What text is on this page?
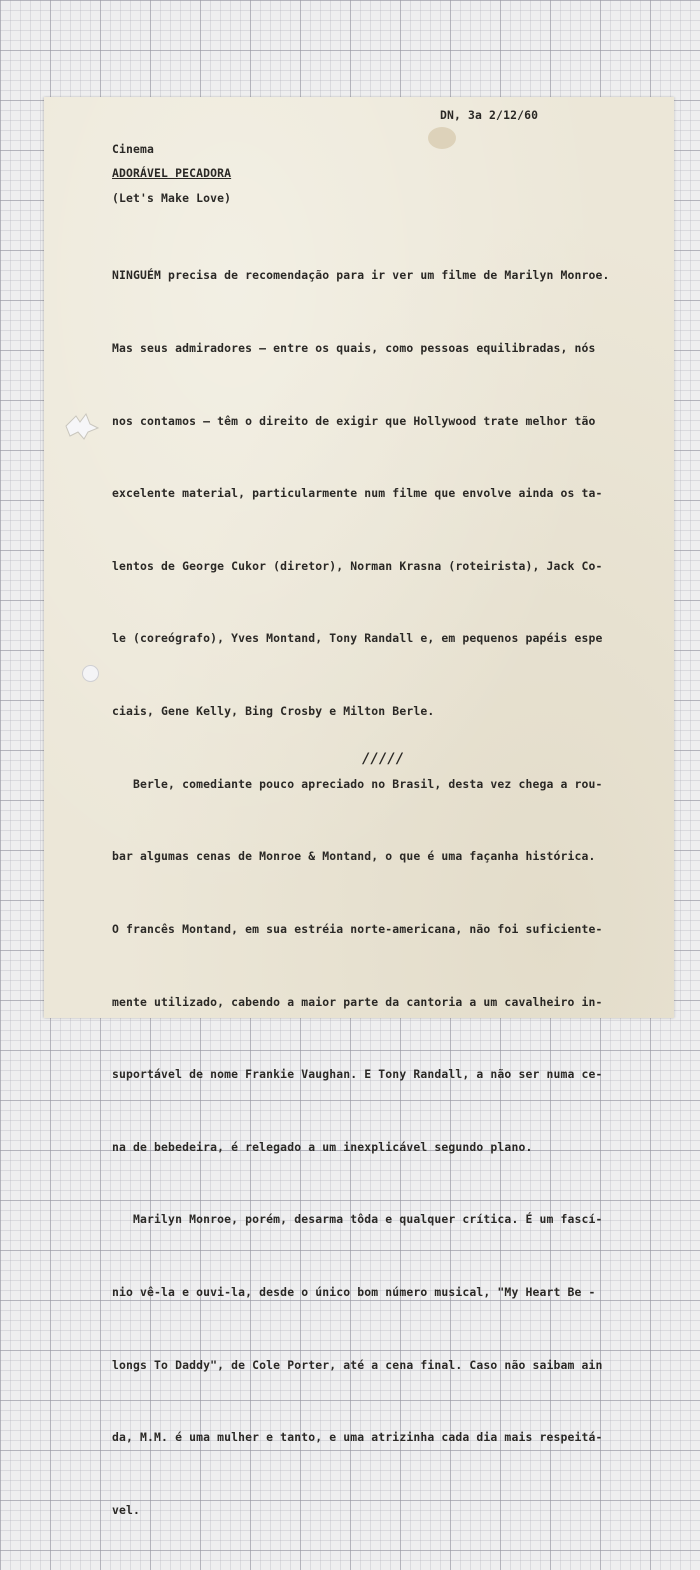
DN, 3a 2/12/60
Cinema
ADORÁVEL PECADORA
(Let's Make Love)

NINGUÉM precisa de recomendação para ir ver um filme de Marilyn Monroe.

Mas seus admiradores — entre os quais, como pessoas equilibradas, nós

nos contamos — têm o direito de exigir que Hollywood trate melhor tão

excelente material, particularmente num filme que envolve ainda os ta-

lentos de George Cukor (diretor), Norman Krasna (roteirista), Jack Co-

le (coreógrafo), Yves Montand, Tony Randall e, em pequenos papéis espe

ciais, Gene Kelly, Bing Crosby e Milton Berle.

Berle, comediante pouco apreciado no Brasil, desta vez chega a rou-

bar algumas cenas de Monroe & Montand, o que é uma façanha histórica.

O francês Montand, em sua estréia norte-americana, não foi suficiente-

mente utilizado, cabendo a maior parte da cantoria a um cavalheiro in-

suportável de nome Frankie Vaughan. E Tony Randall, a não ser numa ce-

na de bebedeira, é relegado a um inexplicável segundo plano.

Marilyn Monroe, porém, desarma tôda e qualquer crítica. É um fascí-

nio vê-la e ouvi-la, desde o único bom número musical, "My Heart Be -

longs To Daddy", de Cole Porter, até a cena final. Caso não saibam ain

da, M.M. é uma mulher e tanto, e uma atrizinha cada dia mais respeitá-

vel.

/////
